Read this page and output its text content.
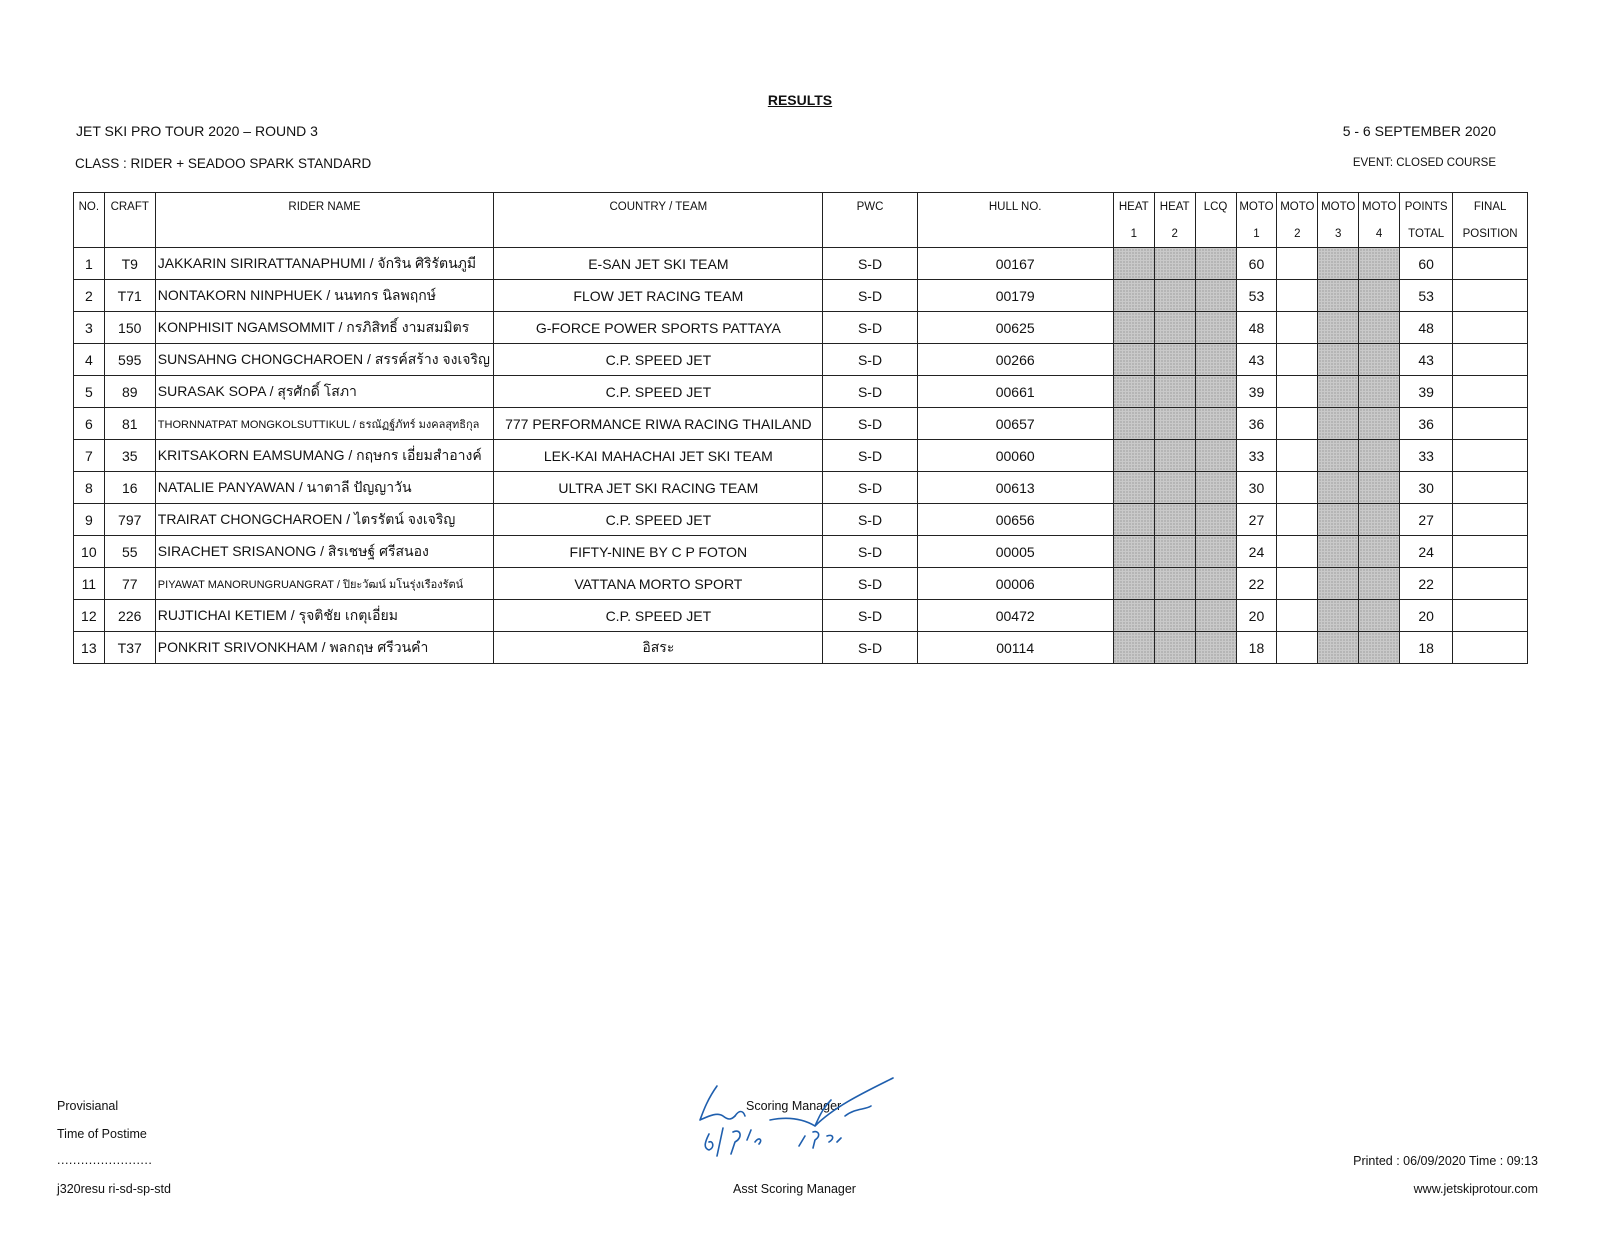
RESULTS
JET SKI PRO TOUR 2020 – ROUND 3	5 - 6 SEPTEMBER 2020
CLASS : RIDER + SEADOO SPARK STANDARD	EVENT: CLOSED COURSE
NO.	CRAFT	RIDER NAME	COUNTRY / TEAM	PWC	HULL NO.	HEAT	HEAT	LCQ	MOTO	MOTO	MOTO	MOTO	POINTS	FINAL
						1	2		1	2	3	4	TOTAL	POSITION
1	T9	JAKKARIN SIRIRATTANAPHUMI / จักริน ศิริรัตนภูมี	E-SAN JET SKI TEAM	S-D	00167				60				60	
2	T71	NONTAKORN NINPHUEK / นนทกร นิลพฤกษ์	FLOW JET RACING TEAM	S-D	00179				53				53	
3	150	KONPHISIT NGAMSOMMIT / กรภิสิทธิ์ งามสมมิตร	G-FORCE POWER SPORTS PATTAYA	S-D	00625				48				48	
4	595	SUNSAHNG CHONGCHAROEN / สรรค์สร้าง จงเจริญ	C.P. SPEED JET	S-D	00266				43				43	
5	89	SURASAK SOPA / สุรศักดิ์ โสภา	C.P. SPEED JET	S-D	00661				39				39	
6	81	THORNNATPAT MONGKOLSUTTIKUL / ธรณัฏฐ์ภัทร์ มงคลสุทธิกุล	777 PERFORMANCE RIWA RACING THAILAND	S-D	00657				36				36	
7	35	KRITSAKORN EAMSUMANG / กฤษกร เอี่ยมสำอางค์	LEK-KAI MAHACHAI JET SKI TEAM	S-D	00060				33				33	
8	16	NATALIE PANYAWAN / นาตาลี ปัญญาวัน	ULTRA JET SKI RACING TEAM	S-D	00613				30				30	
9	797	TRAIRAT CHONGCHAROEN / ไตรรัตน์ จงเจริญ	C.P. SPEED JET	S-D	00656				27				27	
10	55	SIRACHET SRISANONG / สิรเชษฐ์ ศรีสนอง	FIFTY-NINE BY C P FOTON	S-D	00005				24				24	
11	77	PIYAWAT MANORUNGRUANGRAT / ปิยะวัฒน์ มโนรุ่งเรืองรัตน์	VATTANA MORTO SPORT	S-D	00006				22				22	
12	226	RUJTICHAI KETIEM / รุจติชัย เกตุเอี่ยม	C.P. SPEED JET	S-D	00472				20				20	
13	T37	PONKRIT SRIVONKHAM / พลกฤษ ศรีวนคำ	อิสระ	S-D	00114				18				18	
Provisianal
Time of Postime
........................
j320resu ri-sd-sp-std
Scoring Manager
Asst Scoring Manager
Printed : 06/09/2020 Time : 09:13
www.jetskiprotour.com
